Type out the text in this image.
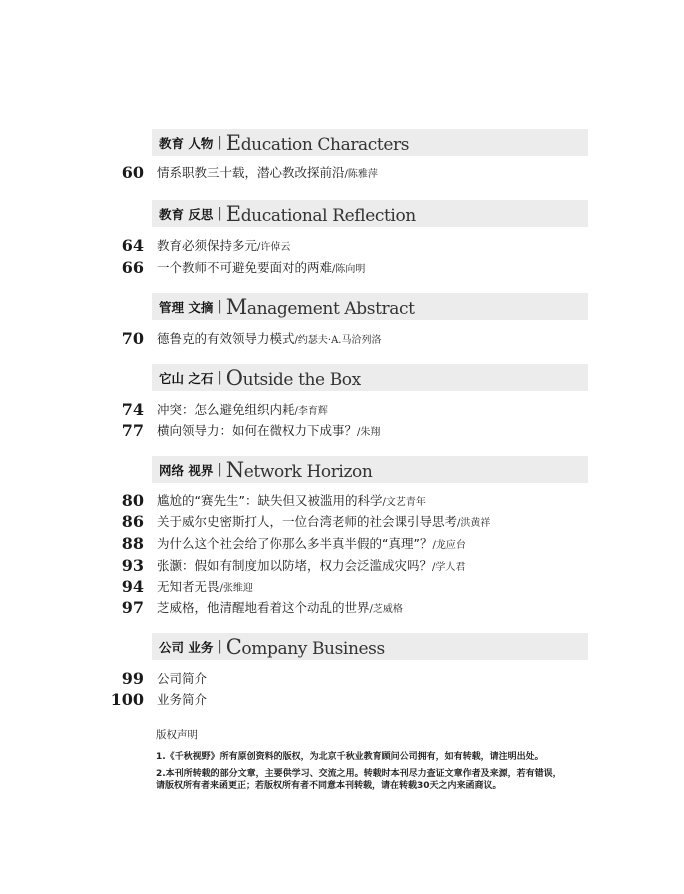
教育 人物 | Education Characters
60 情系职教三十载，潜心教改探前沿 /陈雅萍
教育 反思 | Educational Reflection
64 教育必须保持多元 /许倬云
66 一个教师不可避免要面对的两难 /陈向明
管理 文摘 | Management Abstract
70 德鲁克的有效领导力模式 /约瑟夫·A.马洽列洛
它山 之石 | Outside the Box
74 冲突：怎么避免组织内耗 /李育辉
77 横向领导力：如何在微权力下成事？ /朱翔
网络 视界 | Network Horizon
80 尴尬的“赛先生”：缺失但又被滥用的科学 /文艺青年
86 关于威尔史密斯打人，一位台湾老师的社会课引导思考 /洪黄祥
88 为什么这个社会给了你那么多半真半假的“真理”？ /龙应台
93 张灏：假如有制度加以防堵，权力会泛滥成灾吗？ /学人君
94 无知者无畏 /张维迎
97 芝威格，他清醒地看着这个动乱的世界 /芝威格
公司 业务 | Company Business
99 公司简介
100 业务简介
版权声明
1.《千秋视野》所有原创资料的版权，为北京千秋业教育顾问公司拥有，如有转载，请注明出处。
2.本刊所转载的部分文章，主要供学习、交流之用。转载时本刊尽力查证文章作者及来源，若有错误，请版权所有者来函更正；若版权所有者不同意本刊转载，请在转载30天之内来函商议。
